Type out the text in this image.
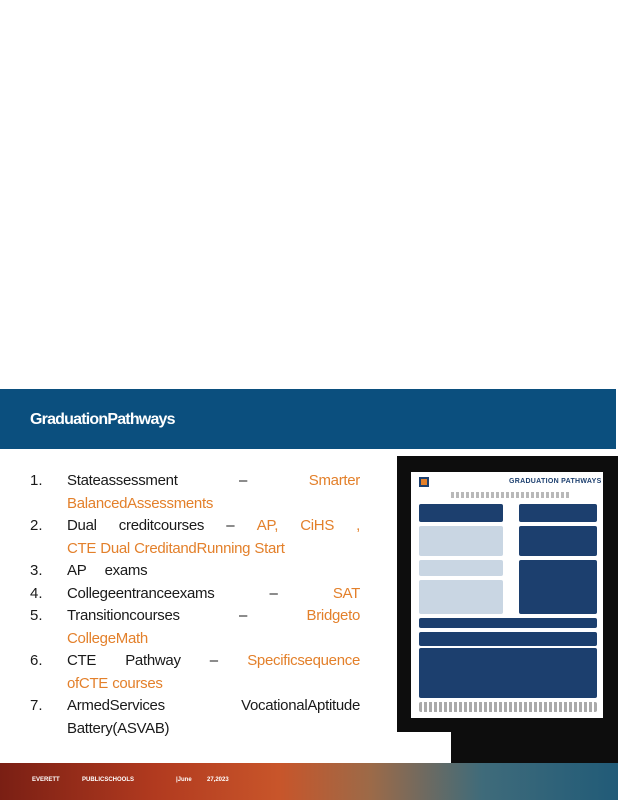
GraduationPathways
1.	Stateassessment	–	Smarter
BalancedAssessments
2.	Dual creditcourses – AP, CiHS ,
CTE Dual CreditandRunning Start
3.	AP exams
4.	Collegeentranceexams	–	SAT
5.	Transitioncourses	–	Bridgeto
CollegeMath
6.	CTE Pathway – Specificsequence
ofCTE courses
7.	ArmedServices	VocationalAptitude
Battery(ASVAB)
GRADUATION PATHWAYS
EVERETT	PUBLICSCHOOLS	|June	27,2023
